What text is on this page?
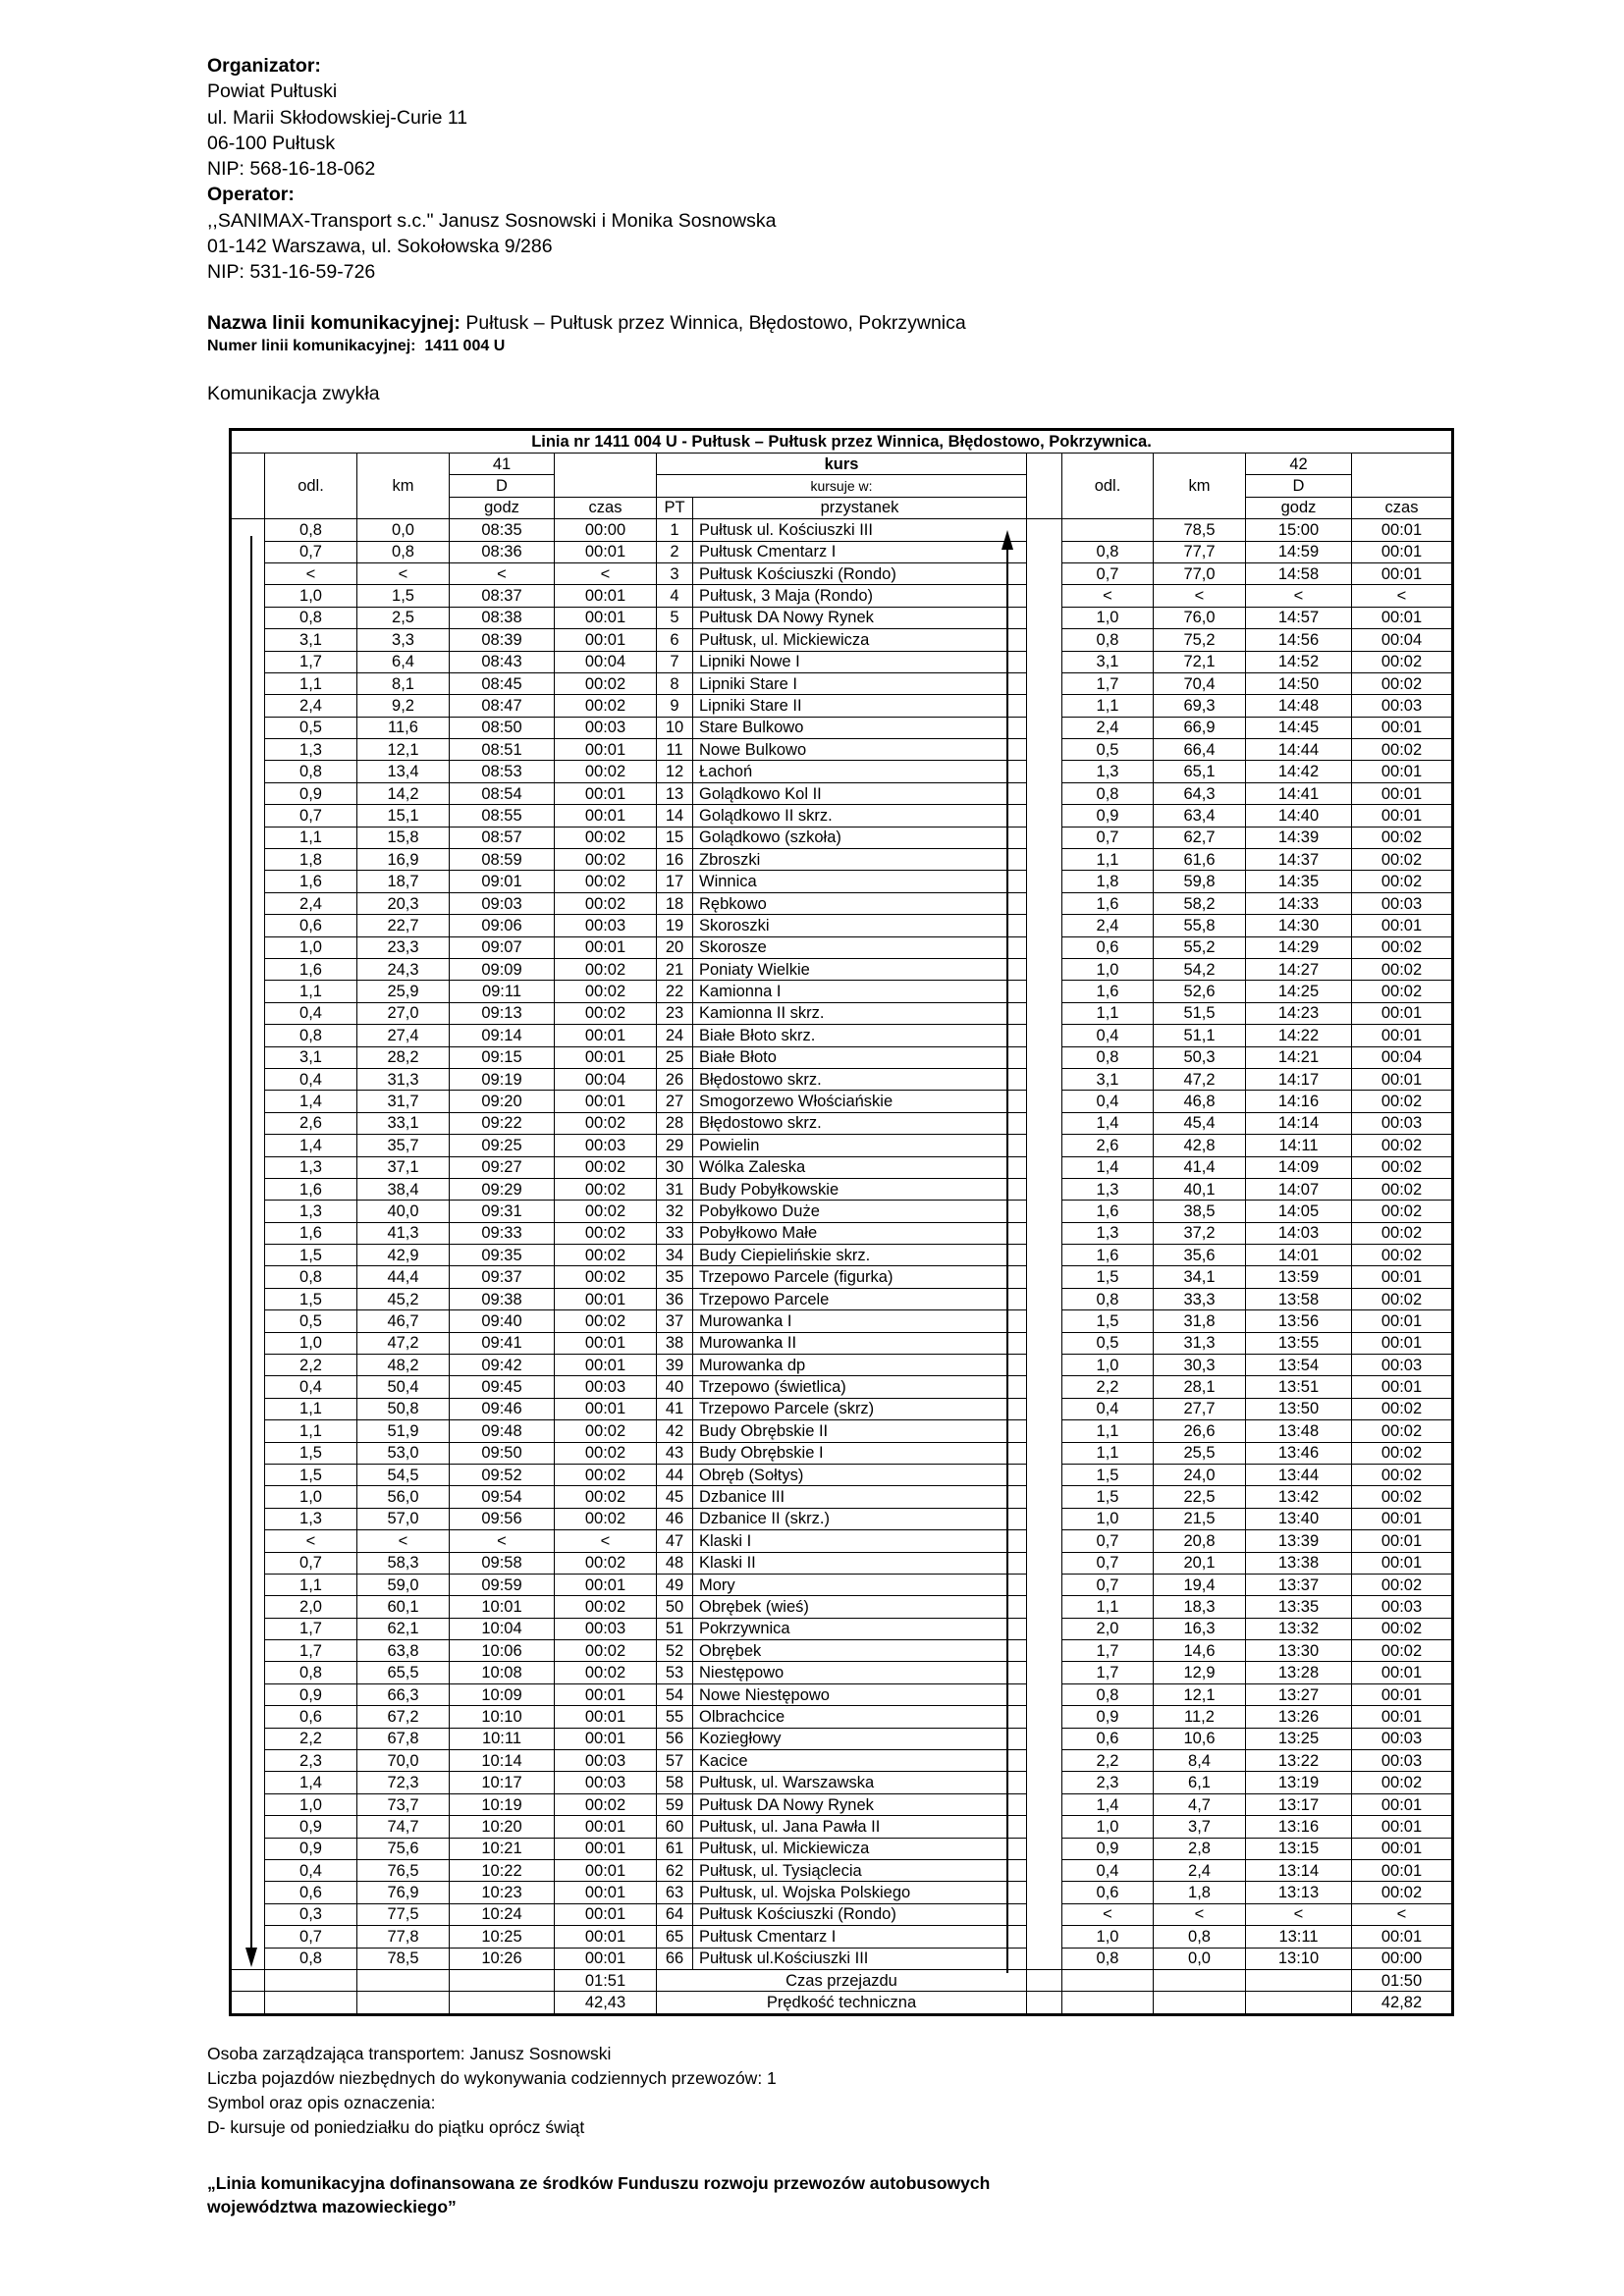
Organizator:
Powiat Pułtuski
ul. Marii Skłodowskiej-Curie 11
06-100 Pułtusk
NIP: 568-16-18-062
Operator:
,,SANIMAX-Transport s.c." Janusz Sosnowski i Monika Sosnowska
01-142 Warszawa, ul. Sokołowska 9/286
NIP: 531-16-59-726
Nazwa linii komunikacyjnej: Pułtusk – Pułtusk przez Winnica, Błędostowo, Pokrzywnica
Numer linii komunikacyjnej: 1411 004 U
Komunikacja zwykła
Linia nr 1411 004 U - Pułtusk – Pułtusk przez Winnica, Błędostowo, Pokrzywnica.											
			41		kurs					42	
	odl.	km	D		kursuje w:			odl.	km	D	
			godz	czas	PT	przystanek				godz	czas
	0,8	0,0	08:35	00:00	1	Pułtusk ul. Kościuszki III			78,5	15:00	00:01
	0,7	0,8	08:36	00:01	2	Pułtusk Cmentarz I		0,8	77,7	14:59	00:01
	<	<	<	<	3	Pułtusk Kościuszki (Rondo)		0,7	77,0	14:58	00:01
	1,0	1,5	08:37	00:01	4	Pułtusk, 3 Maja (Rondo)		<	<	<	<
	0,8	2,5	08:38	00:01	5	Pułtusk DA Nowy Rynek		1,0	76,0	14:57	00:01
	3,1	3,3	08:39	00:01	6	Pułtusk, ul. Mickiewicza		0,8	75,2	14:56	00:04
	1,7	6,4	08:43	00:04	7	Lipniki Nowe I		3,1	72,1	14:52	00:02
	1,1	8,1	08:45	00:02	8	Lipniki Stare I		1,7	70,4	14:50	00:02
	2,4	9,2	08:47	00:02	9	Lipniki Stare II		1,1	69,3	14:48	00:03
	0,5	11,6	08:50	00:03	10	Stare Bulkowo		2,4	66,9	14:45	00:01
	1,3	12,1	08:51	00:01	11	Nowe Bulkowo		0,5	66,4	14:44	00:02
	0,8	13,4	08:53	00:02	12	Łachoń		1,3	65,1	14:42	00:01
	0,9	14,2	08:54	00:01	13	Golądkowo Kol II		0,8	64,3	14:41	00:01
	0,7	15,1	08:55	00:01	14	Golądkowo II skrz.		0,9	63,4	14:40	00:01
	1,1	15,8	08:57	00:02	15	Golądkowo (szkoła)		0,7	62,7	14:39	00:02
	1,8	16,9	08:59	00:02	16	Zbroszki		1,1	61,6	14:37	00:02
	1,6	18,7	09:01	00:02	17	Winnica		1,8	59,8	14:35	00:02
	2,4	20,3	09:03	00:02	18	Rębkowo		1,6	58,2	14:33	00:03
	0,6	22,7	09:06	00:03	19	Skoroszki		2,4	55,8	14:30	00:01
	1,0	23,3	09:07	00:01	20	Skorosze		0,6	55,2	14:29	00:02
	1,6	24,3	09:09	00:02	21	Poniaty Wielkie		1,0	54,2	14:27	00:02
	1,1	25,9	09:11	00:02	22	Kamionna I		1,6	52,6	14:25	00:02
	0,4	27,0	09:13	00:02	23	Kamionna II skrz.		1,1	51,5	14:23	00:01
	0,8	27,4	09:14	00:01	24	Białe Błoto skrz.		0,4	51,1	14:22	00:01
	3,1	28,2	09:15	00:01	25	Białe Błoto		0,8	50,3	14:21	00:04
	0,4	31,3	09:19	00:04	26	Błędostowo skrz.		3,1	47,2	14:17	00:01
	1,4	31,7	09:20	00:01	27	Smogorzewo Włościańskie		0,4	46,8	14:16	00:02
	2,6	33,1	09:22	00:02	28	Błędostowo skrz.		1,4	45,4	14:14	00:03
	1,4	35,7	09:25	00:03	29	Powielin		2,6	42,8	14:11	00:02
	1,3	37,1	09:27	00:02	30	Wólka Zaleska		1,4	41,4	14:09	00:02
	1,6	38,4	09:29	00:02	31	Budy Pobyłkowskie		1,3	40,1	14:07	00:02
	1,3	40,0	09:31	00:02	32	Pobyłkowo Duże		1,6	38,5	14:05	00:02
	1,6	41,3	09:33	00:02	33	Pobyłkowo Małe		1,3	37,2	14:03	00:02
	1,5	42,9	09:35	00:02	34	Budy Ciepielińskie skrz.		1,6	35,6	14:01	00:02
	0,8	44,4	09:37	00:02	35	Trzepowo Parcele (figurka)		1,5	34,1	13:59	00:01
	1,5	45,2	09:38	00:01	36	Trzepowo Parcele		0,8	33,3	13:58	00:02
	0,5	46,7	09:40	00:02	37	Murowanka I		1,5	31,8	13:56	00:01
	1,0	47,2	09:41	00:01	38	Murowanka II		0,5	31,3	13:55	00:01
	2,2	48,2	09:42	00:01	39	Murowanka dp		1,0	30,3	13:54	00:03
	0,4	50,4	09:45	00:03	40	Trzepowo (świetlica)		2,2	28,1	13:51	00:01
	1,1	50,8	09:46	00:01	41	Trzepowo Parcele (skrz)		0,4	27,7	13:50	00:02
	1,1	51,9	09:48	00:02	42	Budy Obrębskie II		1,1	26,6	13:48	00:02
	1,5	53,0	09:50	00:02	43	Budy Obrębskie I		1,1	25,5	13:46	00:02
	1,5	54,5	09:52	00:02	44	Obręb (Sołtys)		1,5	24,0	13:44	00:02
	1,0	56,0	09:54	00:02	45	Dzbanice III		1,5	22,5	13:42	00:02
	1,3	57,0	09:56	00:02	46	Dzbanice II (skrz.)		1,0	21,5	13:40	00:01
	<	<	<	<	47	Klaski I		0,7	20,8	13:39	00:01
	0,7	58,3	09:58	00:02	48	Klaski II		0,7	20,1	13:38	00:01
	1,1	59,0	09:59	00:01	49	Mory		0,7	19,4	13:37	00:02
	2,0	60,1	10:01	00:02	50	Obrębek (wieś)		1,1	18,3	13:35	00:03
	1,7	62,1	10:04	00:03	51	Pokrzywnica		2,0	16,3	13:32	00:02
	1,7	63,8	10:06	00:02	52	Obrębek		1,7	14,6	13:30	00:02
	0,8	65,5	10:08	00:02	53	Niestępowo		1,7	12,9	13:28	00:01
	0,9	66,3	10:09	00:01	54	Nowe Niestępowo		0,8	12,1	13:27	00:01
	0,6	67,2	10:10	00:01	55	Olbrachcice		0,9	11,2	13:26	00:01
	2,2	67,8	10:11	00:01	56	Koziegłowy		0,6	10,6	13:25	00:03
	2,3	70,0	10:14	00:03	57	Kacice		2,2	8,4	13:22	00:03
	1,4	72,3	10:17	00:03	58	Pułtusk, ul. Warszawska		2,3	6,1	13:19	00:02
	1,0	73,7	10:19	00:02	59	Pułtusk DA Nowy Rynek		1,4	4,7	13:17	00:01
	0,9	74,7	10:20	00:01	60	Pułtusk, ul. Jana Pawła II		1,0	3,7	13:16	00:01
	0,9	75,6	10:21	00:01	61	Pułtusk, ul. Mickiewicza		0,9	2,8	13:15	00:01
	0,4	76,5	10:22	00:01	62	Pułtusk, ul. Tysiąclecia		0,4	2,4	13:14	00:01
	0,6	76,9	10:23	00:01	63	Pułtusk, ul. Wojska Polskiego		0,6	1,8	13:13	00:02
	0,3	77,5	10:24	00:01	64	Pułtusk Kościuszki (Rondo)		<	<	<	<
	0,7	77,8	10:25	00:01	65	Pułtusk Cmentarz I		1,0	0,8	13:11	00:01
	0,8	78,5	10:26	00:01	66	Pułtusk ul.Kościuszki III		0,8	0,0	13:10	00:00
				01:51	Czas przejazdu						01:50
				42,43	Prędkość techniczna						42,82
Osoba zarządzająca transportem: Janusz Sosnowski
Liczba pojazdów niezbędnych do wykonywania codziennych przewozów: 1
Symbol oraz opis oznaczenia:
D- kursuje od poniedziałku do piątku oprócz świąt
„Linia komunikacyjna dofinansowana ze środków Funduszu rozwoju przewozów autobusowych
województwa mazowieckiego”
